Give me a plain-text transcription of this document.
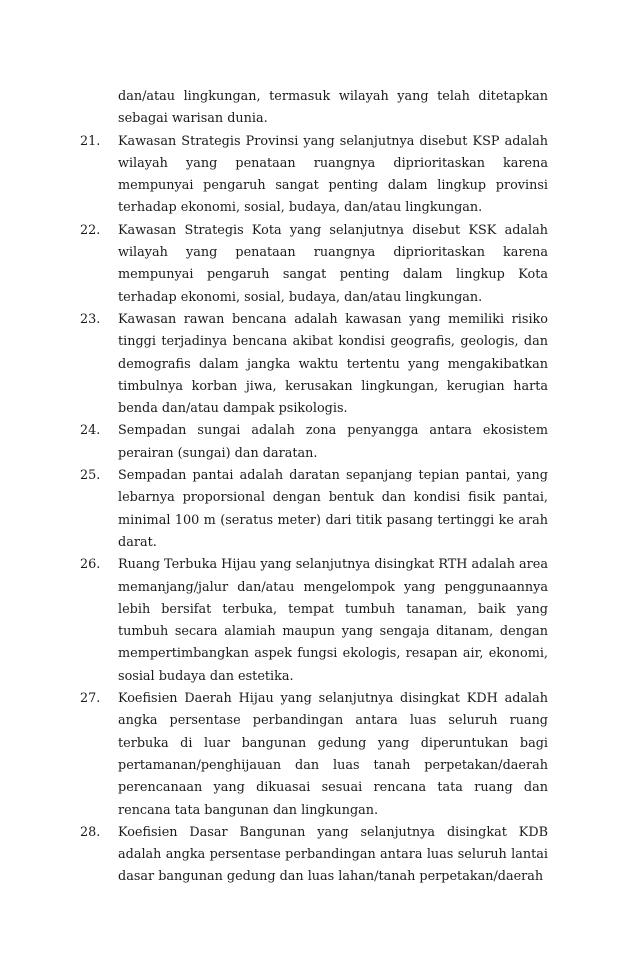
dan/atau lingkungan, termasuk wilayah yang telah ditetapkan sebagai warisan dunia.

21.	Kawasan Strategis Provinsi yang selanjutnya disebut KSP adalah wilayah yang penataan ruangnya diprioritaskan karena mempunyai pengaruh sangat penting dalam lingkup provinsi terhadap ekonomi, sosial, budaya, dan/atau lingkungan.
22.	Kawasan Strategis Kota yang selanjutnya disebut KSK adalah wilayah yang penataan ruangnya diprioritaskan karena mempunyai pengaruh sangat penting dalam lingkup Kota terhadap ekonomi, sosial, budaya, dan/atau lingkungan.
23.	Kawasan rawan bencana adalah kawasan yang memiliki risiko tinggi terjadinya bencana akibat kondisi geografis, geologis, dan demografis dalam jangka waktu tertentu yang mengakibatkan timbulnya korban jiwa, kerusakan lingkungan, kerugian harta benda dan/atau dampak psikologis.
24.	Sempadan sungai adalah zona penyangga antara ekosistem perairan (sungai) dan daratan.
25.	Sempadan pantai adalah daratan sepanjang tepian pantai, yang lebarnya proporsional dengan bentuk dan kondisi fisik pantai, minimal 100 m (seratus meter) dari titik pasang tertinggi ke arah darat.
26.	Ruang Terbuka Hijau yang selanjutnya disingkat RTH adalah area memanjang/jalur dan/atau mengelompok yang penggunaannya lebih bersifat terbuka, tempat tumbuh tanaman, baik yang tumbuh secara alamiah maupun yang sengaja ditanam, dengan mempertimbangkan aspek fungsi ekologis, resapan air, ekonomi, sosial budaya dan estetika.
27.	Koefisien Daerah Hijau yang selanjutnya disingkat KDH adalah angka persentase perbandingan antara luas seluruh ruang terbuka di luar bangunan gedung yang diperuntukan bagi pertamanan/penghijauan dan luas tanah perpetakan/daerah perencanaan yang dikuasai sesuai rencana tata ruang dan rencana tata bangunan dan lingkungan.
28.	Koefisien Dasar Bangunan yang selanjutnya disingkat KDB adalah angka persentase perbandingan antara luas seluruh lantai dasar bangunan gedung dan luas lahan/tanah perpetakan/daerah
